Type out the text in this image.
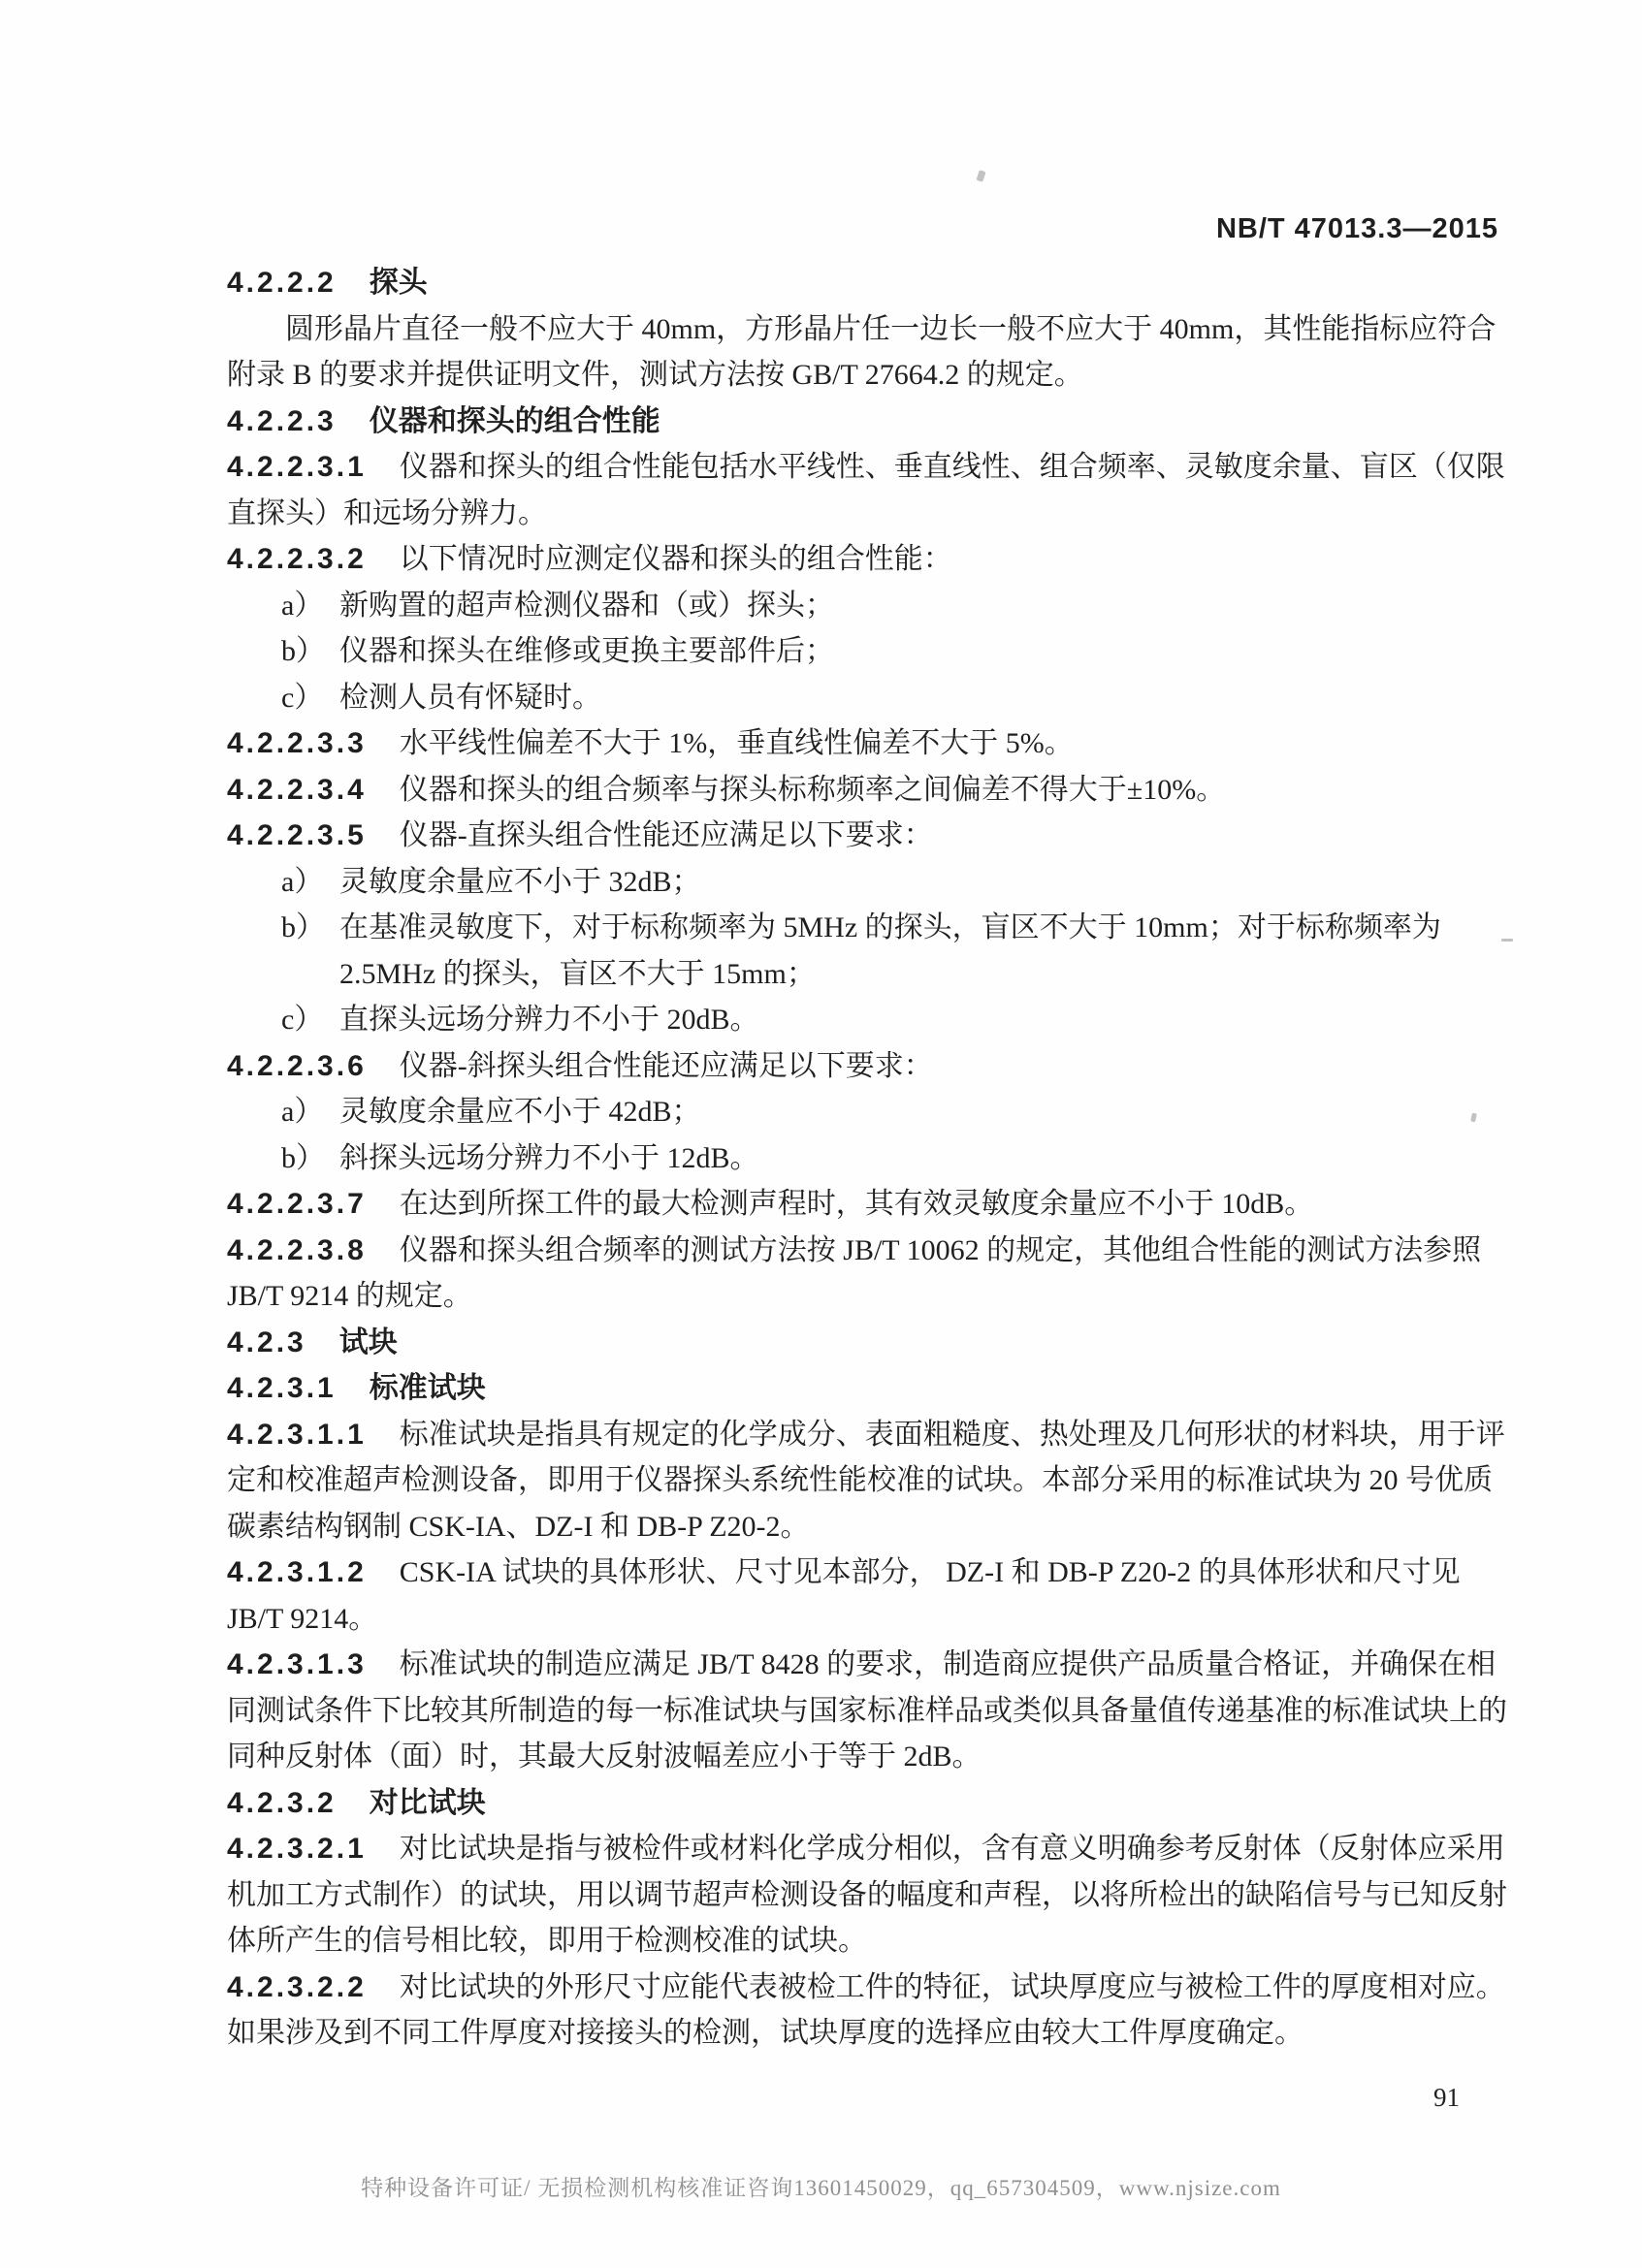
NB/T 47013.3—2015
4.2.2.2 探头
圆形晶片直径一般不应大于 40mm，方形晶片任一边长一般不应大于 40mm，其性能指标应符合附录 B 的要求并提供证明文件，测试方法按 GB/T 27664.2 的规定。
4.2.2.3 仪器和探头的组合性能
4.2.2.3.1 仪器和探头的组合性能包括水平线性、垂直线性、组合频率、灵敏度余量、盲区（仅限直探头）和远场分辨力。
4.2.2.3.2 以下情况时应测定仪器和探头的组合性能：
a） 新购置的超声检测仪器和（或）探头；
b） 仪器和探头在维修或更换主要部件后；
c） 检测人员有怀疑时。
4.2.2.3.3 水平线性偏差不大于 1%，垂直线性偏差不大于 5%。
4.2.2.3.4 仪器和探头的组合频率与探头标称频率之间偏差不得大于±10%。
4.2.2.3.5 仪器-直探头组合性能还应满足以下要求：
a） 灵敏度余量应不小于 32dB；
b） 在基准灵敏度下，对于标称频率为 5MHz 的探头，盲区不大于 10mm；对于标称频率为 2.5MHz 的探头，盲区不大于 15mm；
c） 直探头远场分辨力不小于 20dB。
4.2.2.3.6 仪器-斜探头组合性能还应满足以下要求：
a） 灵敏度余量应不小于 42dB；
b） 斜探头远场分辨力不小于 12dB。
4.2.2.3.7 在达到所探工件的最大检测声程时，其有效灵敏度余量应不小于 10dB。
4.2.2.3.8 仪器和探头组合频率的测试方法按 JB/T 10062 的规定，其他组合性能的测试方法参照 JB/T 9214 的规定。
4.2.3 试块
4.2.3.1 标准试块
4.2.3.1.1 标准试块是指具有规定的化学成分、表面粗糙度、热处理及几何形状的材料块，用于评定和校准超声检测设备，即用于仪器探头系统性能校准的试块。本部分采用的标准试块为 20 号优质碳素结构钢制 CSK-IA、DZ-I 和 DB-P Z20-2。
4.2.3.1.2 CSK-IA 试块的具体形状、尺寸见本部分， DZ-I 和 DB-P Z20-2 的具体形状和尺寸见 JB/T 9214。
4.2.3.1.3 标准试块的制造应满足 JB/T 8428 的要求，制造商应提供产品质量合格证，并确保在相同测试条件下比较其所制造的每一标准试块与国家标准样品或类似具备量值传递基准的标准试块上的同种反射体（面）时，其最大反射波幅差应小于等于 2dB。
4.2.3.2 对比试块
4.2.3.2.1 对比试块是指与被检件或材料化学成分相似，含有意义明确参考反射体（反射体应采用机加工方式制作）的试块，用以调节超声检测设备的幅度和声程，以将所检出的缺陷信号与已知反射体所产生的信号相比较，即用于检测校准的试块。
4.2.3.2.2 对比试块的外形尺寸应能代表被检工件的特征，试块厚度应与被检工件的厚度相对应。如果涉及到不同工件厚度对接接头的检测，试块厚度的选择应由较大工件厚度确定。
91
特种设备许可证/ 无损检测机构核准证咨询13601450029，qq_657304509，www.njsize.com
